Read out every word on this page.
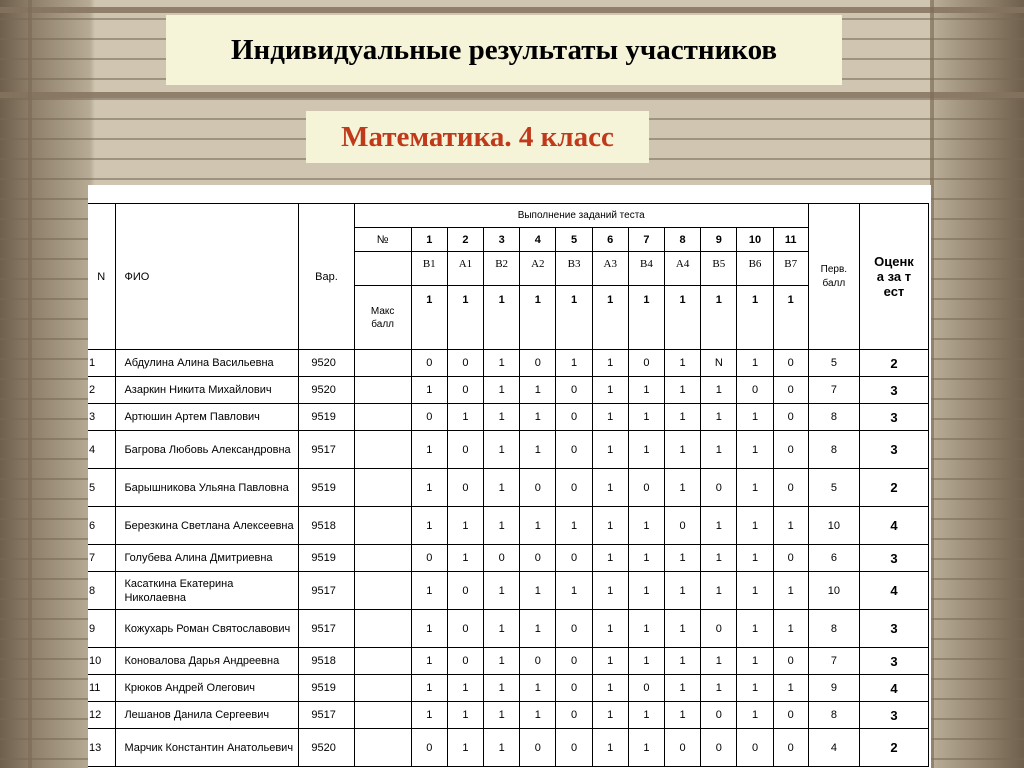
Индивидуальные результаты участников
Математика. 4 класс
N	ФИО	Вар.	Выполнение заданий теста												Перв. балл	Оценка за тест
			№	1	2	3	4	5	6	7	8	9	10	11		
				В1	А1	В2	А2	В3	А3	В4	А4	В5	В6	В7		
			Макс балл	1	1	1	1	1	1	1	1	1	1	1		
1	Абдулина Алина Васильевна	9520		0	0	1	0	1	1	0	1	N	1	0	5	2
2	Азаркин Никита Михайлович	9520		1	0	1	1	0	1	1	1	1	0	0	7	3
3	Артюшин Артем Павлович	9519		0	1	1	1	0	1	1	1	1	1	0	8	3
4	Багрова Любовь Александровна	9517		1	0	1	1	0	1	1	1	1	1	0	8	3
5	Барышникова Ульяна Павловна	9519		1	0	1	0	0	1	0	1	0	1	0	5	2
6	Березкина Светлана Алексеевна	9518		1	1	1	1	1	1	1	0	1	1	1	10	4
7	Голубева Алина Дмитриевна	9519		0	1	0	0	0	1	1	1	1	1	0	6	3
8	Касаткина Екатерина Николаевна	9517		1	0	1	1	1	1	1	1	1	1	1	10	4
9	Кожухарь Роман Святославович	9517		1	0	1	1	0	1	1	1	0	1	1	8	3
10	Коновалова Дарья Андреевна	9518		1	0	1	0	0	1	1	1	1	1	0	7	3
11	Крюков Андрей Олегович	9519		1	1	1	1	0	1	0	1	1	1	1	9	4
12	Лешанов Данила Сергеевич	9517		1	1	1	1	0	1	1	1	0	1	0	8	3
13	Марчик Константин Анатольевич	9520		0	1	1	0	0	1	1	0	0	0	0	4	2
